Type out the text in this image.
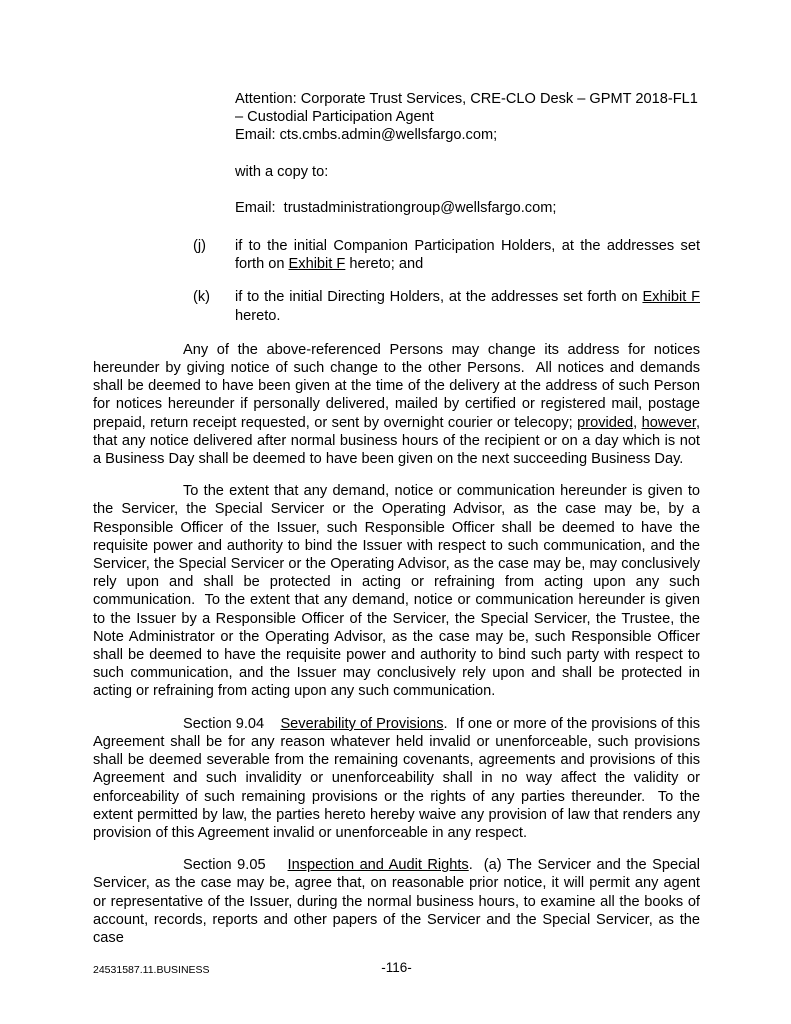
Attention: Corporate Trust Services, CRE-CLO Desk – GPMT 2018-FL1
– Custodial Participation Agent
Email: cts.cmbs.admin@wellsfargo.com;
with a copy to:
Email:  trustadministrationgroup@wellsfargo.com;
(j)	if to the initial Companion Participation Holders, at the addresses set forth on Exhibit F hereto; and
(k)	if to the initial Directing Holders, at the addresses set forth on Exhibit F hereto.

Any of the above-referenced Persons may change its address for notices hereunder by giving notice of such change to the other Persons.  All notices and demands shall be deemed to have been given at the time of the delivery at the address of such Person for notices hereunder if personally delivered, mailed by certified or registered mail, postage prepaid, return receipt requested, or sent by overnight courier or telecopy; provided, however, that any notice delivered after normal business hours of the recipient or on a day which is not a Business Day shall be deemed to have been given on the next succeeding Business Day.

To the extent that any demand, notice or communication hereunder is given to the Servicer, the Special Servicer or the Operating Advisor, as the case may be, by a Responsible Officer of the Issuer, such Responsible Officer shall be deemed to have the requisite power and authority to bind the Issuer with respect to such communication, and the Servicer, the Special Servicer or the Operating Advisor, as the case may be, may conclusively rely upon and shall be protected in acting or refraining from acting upon any such communication.  To the extent that any demand, notice or communication hereunder is given to the Issuer by a Responsible Officer of the Servicer, the Special Servicer, the Trustee, the Note Administrator or the Operating Advisor, as the case may be, such Responsible Officer shall be deemed to have the requisite power and authority to bind such party with respect to such communication, and the Issuer may conclusively rely upon and shall be protected in acting or refraining from acting upon any such communication.

Section 9.04    Severability of Provisions.  If one or more of the provisions of this Agreement shall be for any reason whatever held invalid or unenforceable, such provisions shall be deemed severable from the remaining covenants, agreements and provisions of this Agreement and such invalidity or unenforceability shall in no way affect the validity or enforceability of such remaining provisions or the rights of any parties thereunder.  To the extent permitted by law, the parties hereto hereby waive any provision of law that renders any provision of this Agreement invalid or unenforceable in any respect.

Section 9.05    Inspection and Audit Rights.  (a) The Servicer and the Special Servicer, as the case may be, agree that, on reasonable prior notice, it will permit any agent or representative of the Issuer, during the normal business hours, to examine all the books of account, records, reports and other papers of the Servicer and the Special Servicer, as the case

24531587.11.BUSINESS	-116-
